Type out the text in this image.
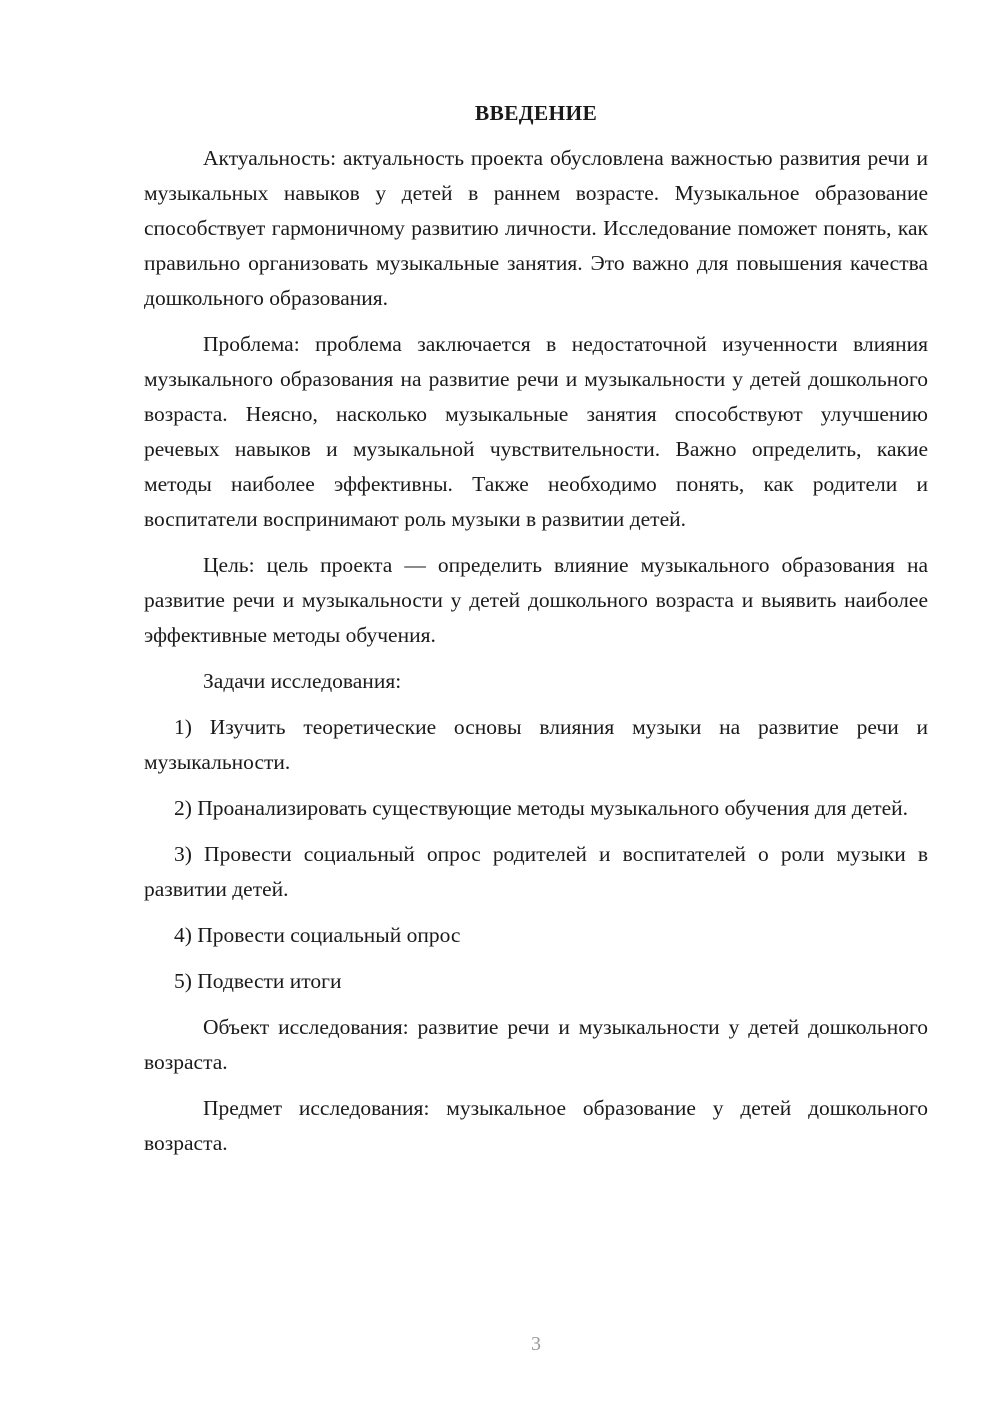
ВВЕДЕНИЕ

Актуальность: актуальность проекта обусловлена важностью развития речи и музыкальных навыков у детей в раннем возрасте. Музыкальное образование способствует гармоничному развитию личности. Исследование поможет понять, как правильно организовать музыкальные занятия. Это важно для повышения качества дошкольного образования.

Проблема: проблема заключается в недостаточной изученности влияния музыкального образования на развитие речи и музыкальности у детей дошкольного возраста. Неясно, насколько музыкальные занятия способствуют улучшению речевых навыков и музыкальной чувствительности. Важно определить, какие методы наиболее эффективны. Также необходимо понять, как родители и воспитатели воспринимают роль музыки в развитии детей.

Цель: цель проекта — определить влияние музыкального образования на развитие речи и музыкальности у детей дошкольного возраста и выявить наиболее эффективные методы обучения.

Задачи исследования:

1) Изучить теоретические основы влияния музыки на развитие речи и музыкальности.

2) Проанализировать существующие методы музыкального обучения для детей.

3) Провести социальный опрос родителей и воспитателей о роли музыки в развитии детей.

4) Провести социальный опрос

5) Подвести итоги

Объект исследования: развитие речи и музыкальности у детей дошкольного возраста.

Предмет исследования: музыкальное образование у детей дошкольного возраста.

3
